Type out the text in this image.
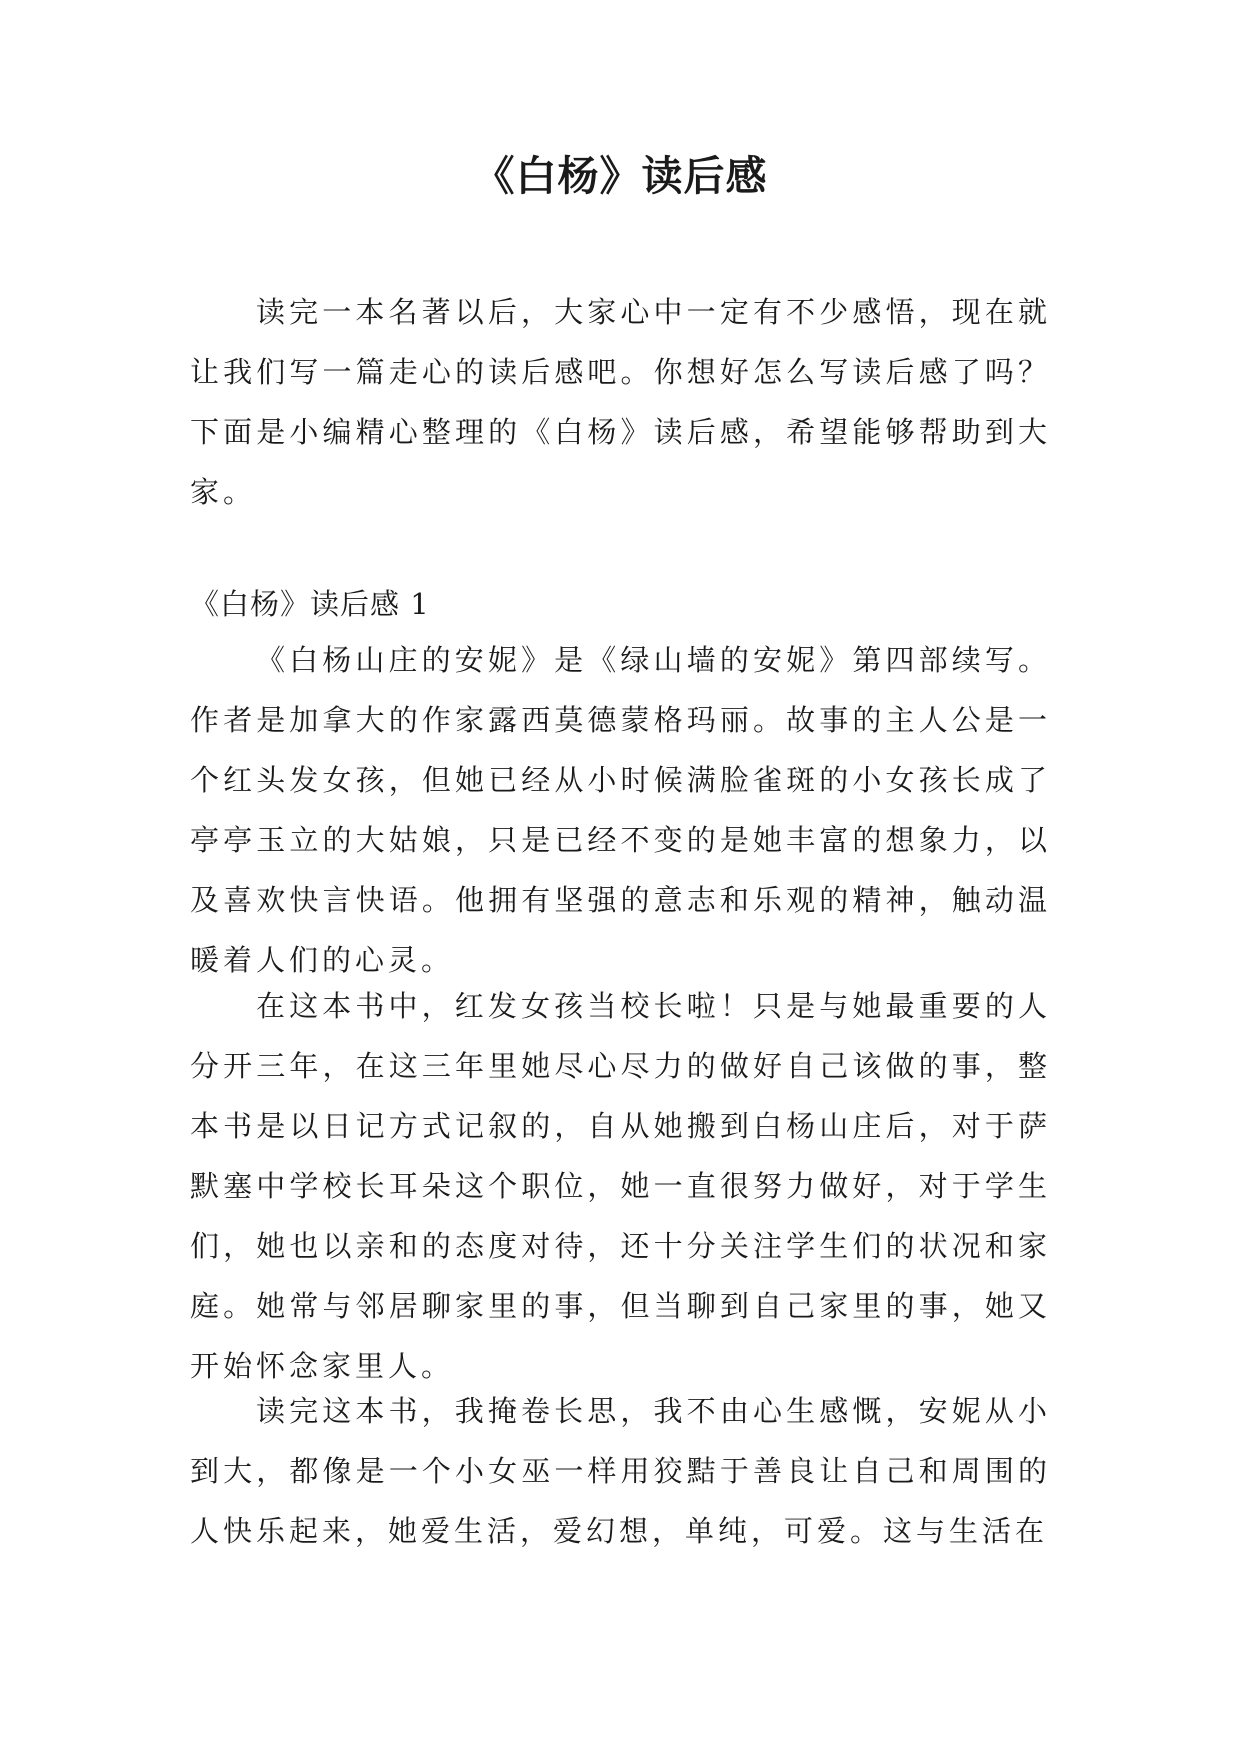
《白杨》读后感

读完一本名著以后，大家心中一定有不少感悟，现在就让我们写一篇走心的读后感吧。你想好怎么写读后感了吗？下面是小编精心整理的《白杨》读后感，希望能够帮助到大家。

《白杨》读后感 1

《白杨山庄的安妮》是《绿山墙的安妮》第四部续写。作者是加拿大的作家露西莫德蒙格玛丽。故事的主人公是一个红头发女孩，但她已经从小时候满脸雀斑的小女孩长成了亭亭玉立的大姑娘，只是已经不变的是她丰富的想象力，以及喜欢快言快语。他拥有坚强的意志和乐观的精神，触动温暖着人们的心灵。

在这本书中，红发女孩当校长啦！只是与她最重要的人分开三年，在这三年里她尽心尽力的做好自己该做的事，整本书是以日记方式记叙的，自从她搬到白杨山庄后，对于萨默塞中学校长耳朵这个职位，她一直很努力做好，对于学生们，她也以亲和的态度对待，还十分关注学生们的状况和家庭。她常与邻居聊家里的事，但当聊到自己家里的事，她又开始怀念家里人。

读完这本书，我掩卷长思，我不由心生感慨，安妮从小到大，都像是一个小女巫一样用狡黠于善良让自己和周围的人快乐起来，她爱生活，爱幻想，单纯，可爱。这与生活在
